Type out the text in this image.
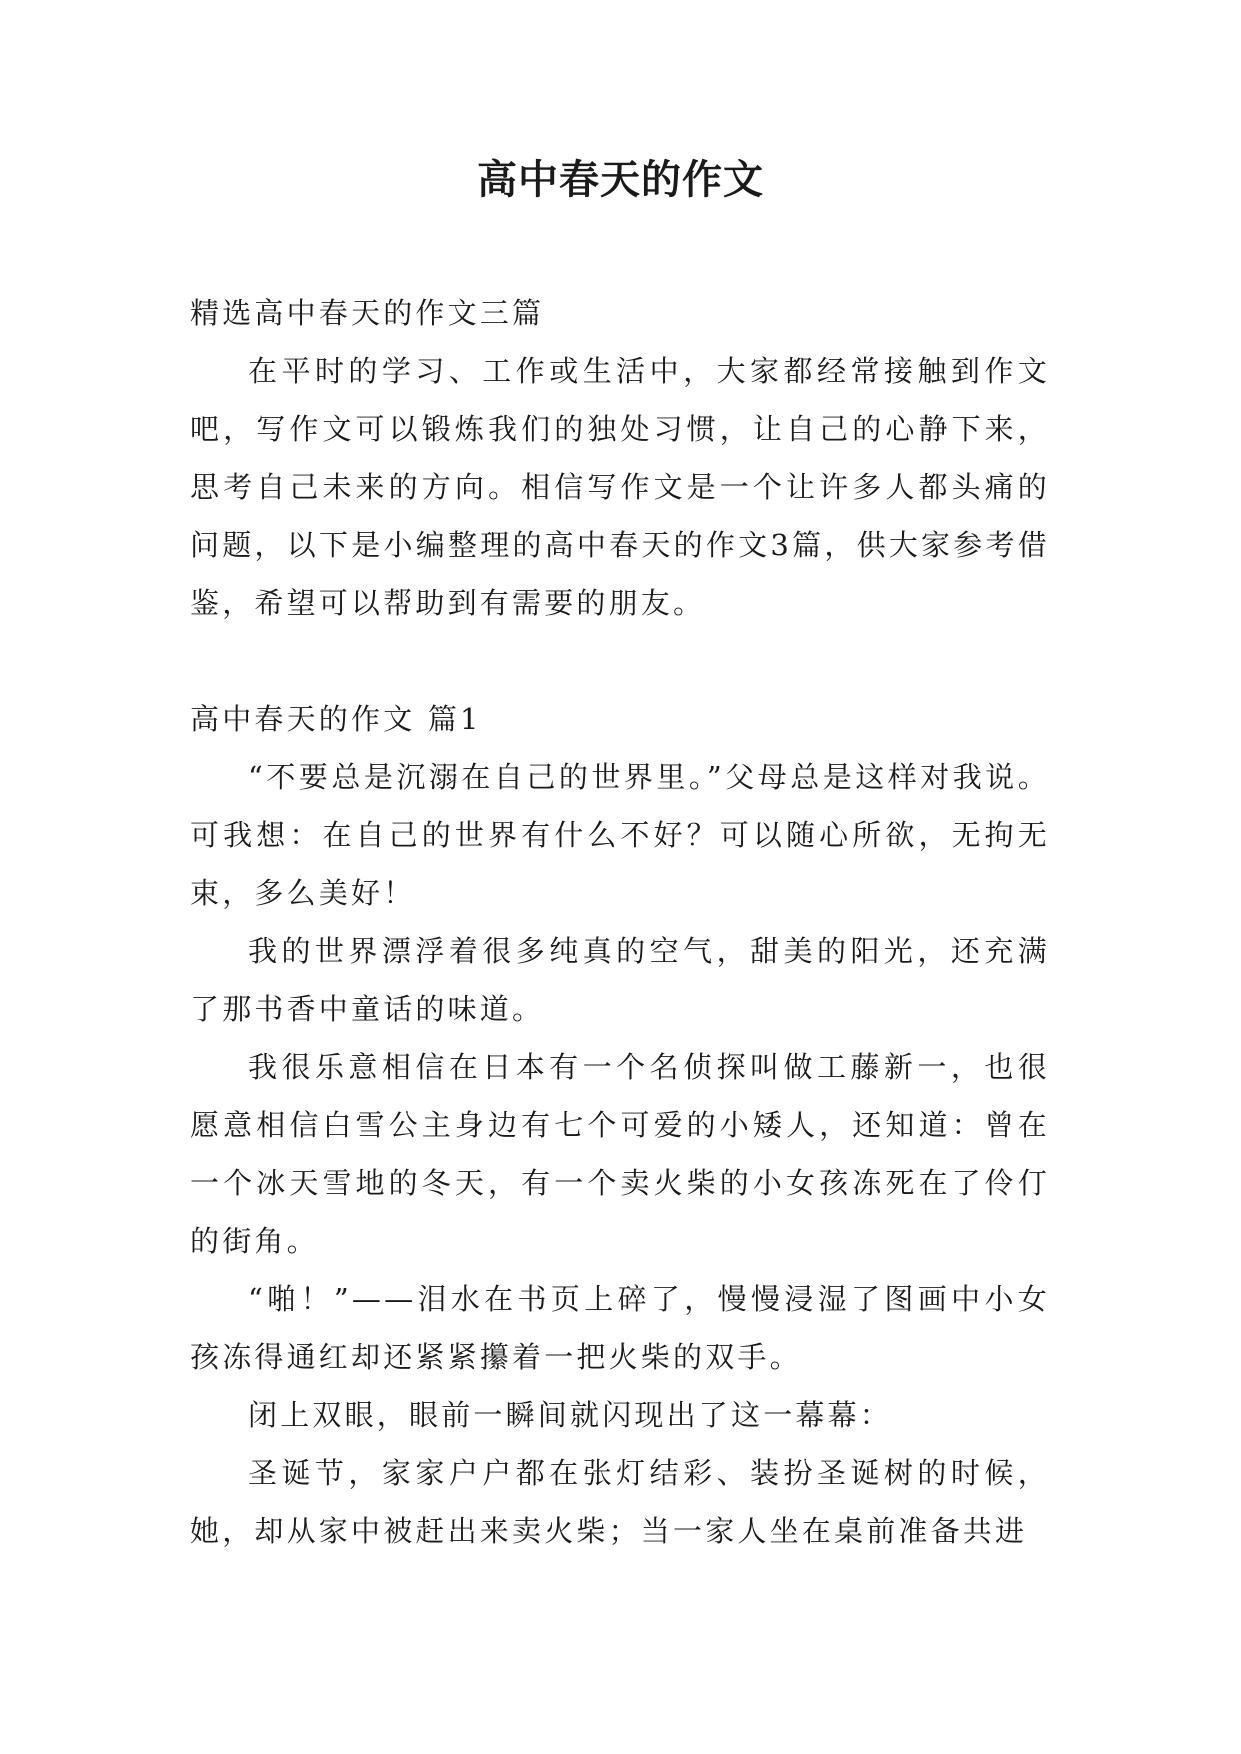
高中春天的作文

精选高中春天的作文三篇

在平时的学习、工作或生活中，大家都经常接触到作文吧，写作文可以锻炼我们的独处习惯，让自己的心静下来，思考自己未来的方向。相信写作文是一个让许多人都头痛的问题，以下是小编整理的高中春天的作文3篇，供大家参考借鉴，希望可以帮助到有需要的朋友。

高中春天的作文 篇1

“不要总是沉溺在自己的世界里。”父母总是这样对我说。可我想：在自己的世界有什么不好？可以随心所欲，无拘无束，多么美好！

我的世界漂浮着很多纯真的空气，甜美的阳光，还充满了那书香中童话的味道。

我很乐意相信在日本有一个名侦探叫做工藤新一，也很愿意相信白雪公主身边有七个可爱的小矮人，还知道：曾在一个冰天雪地的冬天，有一个卖火柴的小女孩冻死在了伶仃的街角。

“啪！”——泪水在书页上碎了，慢慢浸湿了图画中小女孩冻得通红却还紧紧攥着一把火柴的双手。

闭上双眼，眼前一瞬间就闪现出了这一幕幕：

圣诞节，家家户户都在张灯结彩、装扮圣诞树的时候，她，却从家中被赶出来卖火柴；当一家人坐在桌前准备共进
